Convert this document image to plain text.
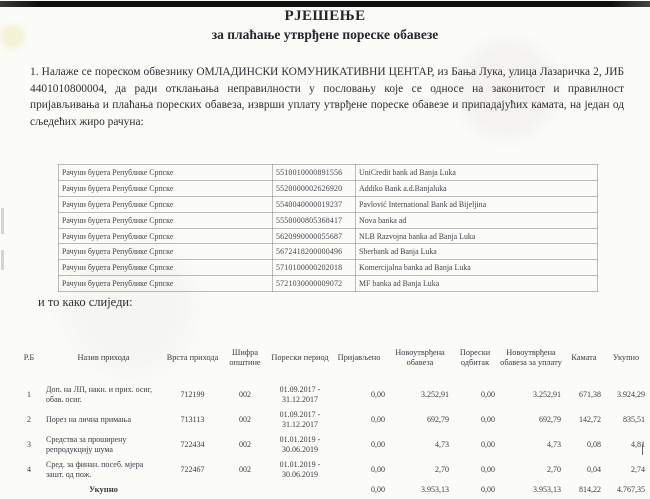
РЈЕШЕЊЕ
за плаћање утврђене пореске обавезе

1. Налаже се пореском обвезнику ОМЛАДИНСКИ КОМУНИКАТИВНИ ЦЕНТАР, из Бања Лука, улица Лазаричка 2, ЈИБ 4401010800004, да ради отклањања неправилности у пословању које се односе на законитост и правилност пријављивања и плаћања пореских обавеза, изврши уплату утврђене пореске обавезе и припадајућих камата, на један од сљедећих жиро рачуна:

Рачуни буџета Републике Српске	5510010000891556	UniCredit bank ad Banja Luka
Рачуни буџета Републике Српске	5520000002626920	Addiko Bank a.d.Banjaluka
Рачуни буџета Републике Српске	5540040000019237	Pavlović International Bank ad Bijeljina
Рачуни буџета Републике Српске	5550000805368417	Nova banka ad
Рачуни буџета Републике Српске	5620990000055687	NLB Razvojna banka ad Banja Luka
Рачуни буџета Републике Српске	5672418200000496	Sberbank ad Banja Luka
Рачуни буџета Републике Српске	5710100000202018	Komercijalna banka ad Banja Luka
Рачуни буџета Републике Српске	5721030000009072	MF banka ad Banja Luka
и то како слиједи:
Р.Б	Назив прихода	Врста прихода	Шифра општине	Порески период	Пријављено	Новоутврђена обавеза	Порески одбитак	Новоутврђена обавеза за уплату	Камата	Укупно
1	Доп. на ЛП, накн. и прих. осиг, обав. осиг.	712199	002	01.09.2017 - 31.12.2017	0,00	3.252,91	0,00	3.252,91	671,38	3.924,29
2	Порез на лична примања	713113	002	01.09.2017 - 31.12.2017	0,00	692,79	0,00	692,79	142,72	835,51
3	Средства за проширену репродукцију шума	722434	002	01.01.2019 - 30.06.2019	0,00	4,73	0,00	4,73	0,08	4,81
4	Сред. за финан. посеб. мјера зашт. од пож.	722467	002	01.01.2019 - 30.06.2019	0,00	2,70	0,00	2,70	0,04	2,74
	Укупно				0,00	3.953,13	0,00	3.953,13	814,22	4.767,35
